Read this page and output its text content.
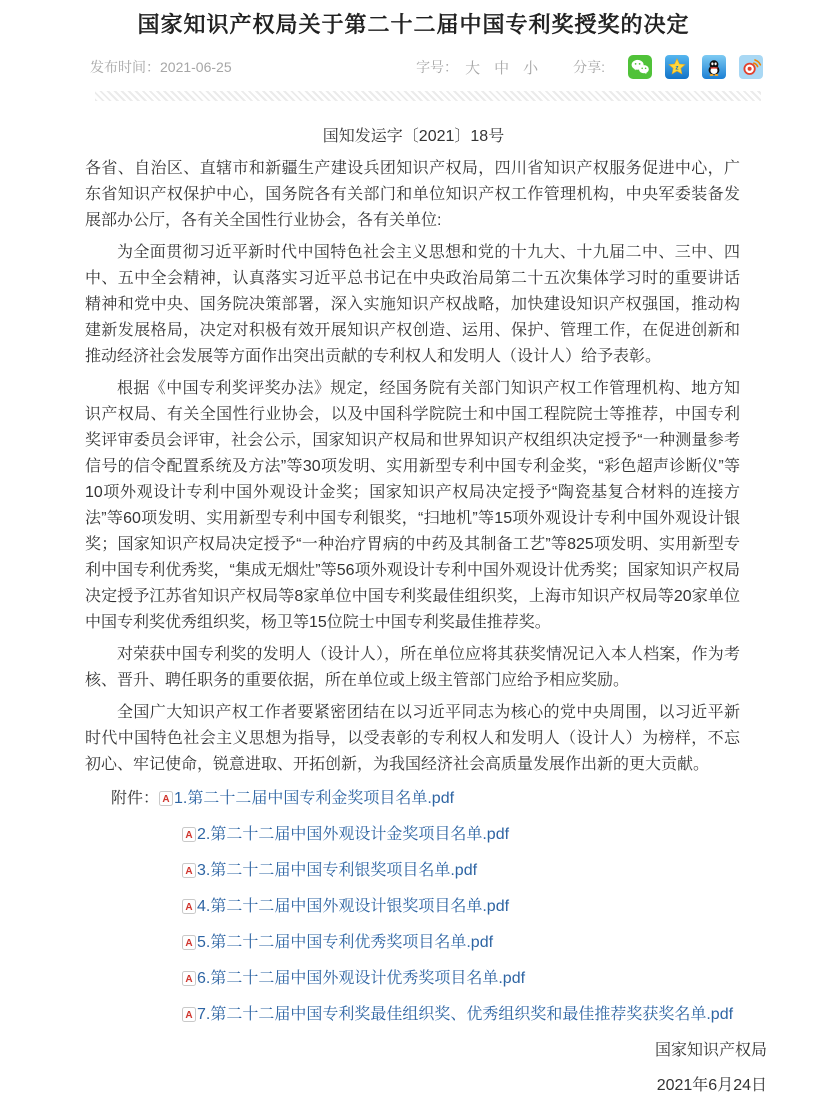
国家知识产权局关于第二十二届中国专利奖授奖的决定
发布时间： 2021-06-25	字号： 大 中 小	分享:	z
国知发运字〔2021〕18号

各省、自治区、直辖市和新疆生产建设兵团知识产权局，四川省知识产权服务促进中心，广东省知识产权保护中心，国务院各有关部门和单位知识产权工作管理机构，中央军委装备发展部办公厅，各有关全国性行业协会，各有关单位:

为全面贯彻习近平新时代中国特色社会主义思想和党的十九大、十九届二中、三中、四中、五中全会精神，认真落实习近平总书记在中央政治局第二十五次集体学习时的重要讲话精神和党中央、国务院决策部署，深入实施知识产权战略，加快建设知识产权强国，推动构建新发展格局，决定对积极有效开展知识产权创造、运用、保护、管理工作，在促进创新和推动经济社会发展等方面作出突出贡献的专利权人和发明人（设计人）给予表彰。

根据《中国专利奖评奖办法》规定，经国务院有关部门知识产权工作管理机构、地方知识产权局、有关全国性行业协会，以及中国科学院院士和中国工程院院士等推荐，中国专利奖评审委员会评审，社会公示，国家知识产权局和世界知识产权组织决定授予“一种测量参考信号的信令配置系统及方法”等30项发明、实用新型专利中国专利金奖，“彩色超声诊断仪”等10项外观设计专利中国外观设计金奖；国家知识产权局决定授予“陶瓷基复合材料的连接方法”等60项发明、实用新型专利中国专利银奖，“扫地机”等15项外观设计专利中国外观设计银奖；国家知识产权局决定授予“一种治疗胃病的中药及其制备工艺”等825项发明、实用新型专利中国专利优秀奖，“集成无烟灶”等56项外观设计专利中国外观设计优秀奖；国家知识产权局决定授予江苏省知识产权局等8家单位中国专利奖最佳组织奖，上海市知识产权局等20家单位中国专利奖优秀组织奖，杨卫等15位院士中国专利奖最佳推荐奖。

对荣获中国专利奖的发明人（设计人），所在单位应将其获奖情况记入本人档案，作为考核、晋升、聘任职务的重要依据，所在单位或上级主管部门应给予相应奖励。

全国广大知识产权工作者要紧密团结在以习近平同志为核心的党中央周围，以习近平新时代中国特色社会主义思想为指导，以受表彰的专利权人和发明人（设计人）为榜样，不忘初心、牢记使命，锐意进取、开拓创新，为我国经济社会高质量发展作出新的更大贡献。

附件： A 1.第二十二届中国专利金奖项目名单.pdf
A 2.第二十二届中国外观设计金奖项目名单.pdf
A 3.第二十二届中国专利银奖项目名单.pdf
A 4.第二十二届中国外观设计银奖项目名单.pdf
A 5.第二十二届中国专利优秀奖项目名单.pdf
A 6.第二十二届中国外观设计优秀奖项目名单.pdf
A 7.第二十二届中国专利奖最佳组织奖、优秀组织奖和最佳推荐奖获奖名单.pdf
国家知识产权局
2021年6月24日
